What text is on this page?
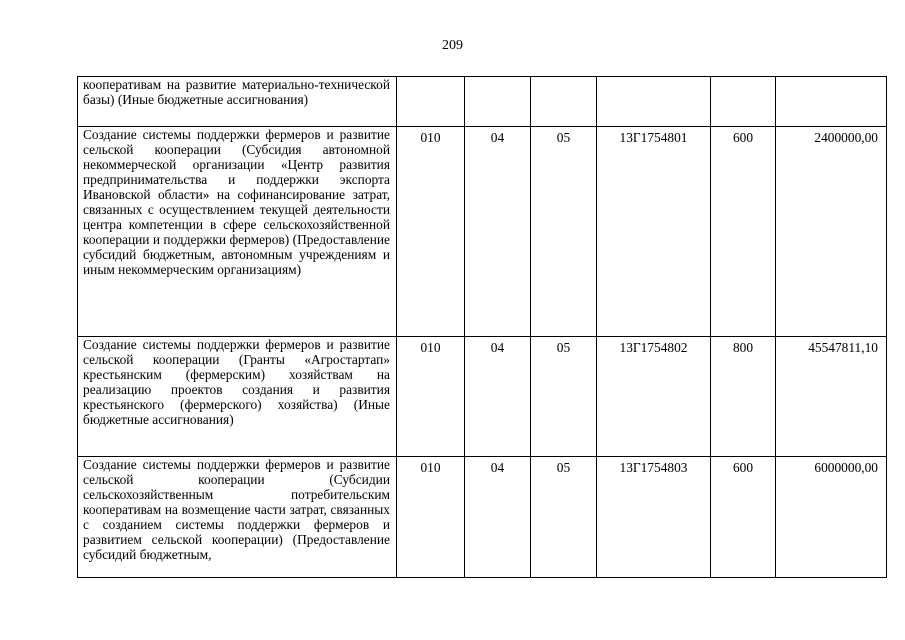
209
кооперативам на развитие материально-технической базы) (Иные бюджетные ассигнования)						

Создание системы поддержки фермеров и развитие сельской кооперации (Субсидия автономной некоммерческой организации «Центр развития предпринимательства и поддержки экспорта Ивановской области» на софинансирование затрат, связанных с осуществлением текущей деятельности центра компетенции в сфере сельскохозяйственной кооперации и поддержки фермеров) (Предоставление субсидий бюджетным, автономным учреждениям и иным некоммерческим организациям)	010	04	05	13Г1754801	600	2400000,00

Создание системы поддержки фермеров и развитие сельской кооперации (Гранты «Агростартап» крестьянским (фермерским) хозяйствам на реализацию проектов создания и развития крестьянского (фермерского) хозяйства) (Иные бюджетные ассигнования)	010	04	05	13Г1754802	800	45547811,10

Создание системы поддержки фермеров и развитие сельской кооперации (Субсидии сельскохозяйственным потребительским кооперативам на возмещение части затрат, связанных с созданием системы поддержки фермеров и развитием сельской кооперации) (Предоставление субсидий бюджетным,	010	04	05	13Г1754803	600	6000000,00
